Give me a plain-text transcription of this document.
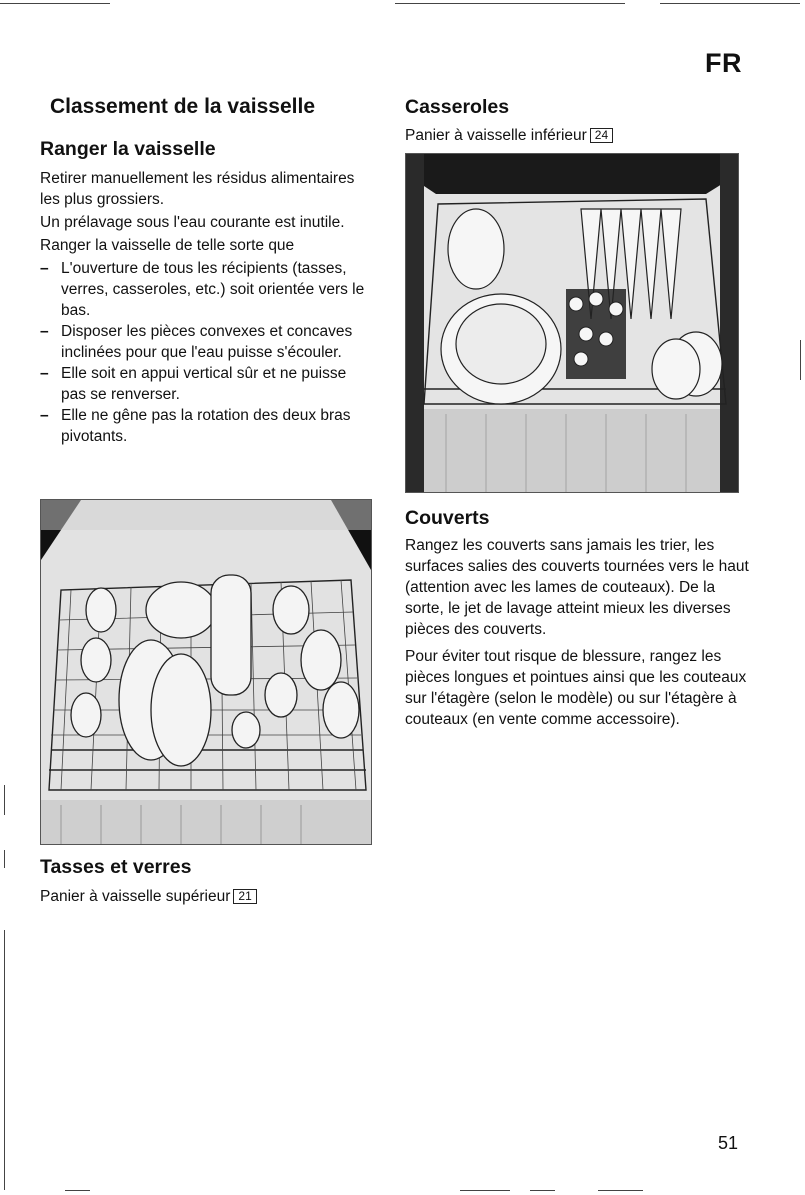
FR
Classement de la vaisselle
Ranger la vaisselle

Retirer manuellement les résidus alimentaires les plus grossiers.

Un prélavage sous l'eau courante est inutile.

Ranger la vaisselle de telle sorte que

– L'ouverture de tous les récipients (tasses, verres, casseroles, etc.) soit orientée vers le bas.
– Disposer les pièces convexes et concaves inclinées pour que l'eau puisse s'écouler.
– Elle soit en appui vertical sûr et ne puisse pas se renverser.
– Elle ne gêne pas la rotation des deux bras pivotants.
Tasses et verres
Panier à vaisselle supérieur 21
Casseroles
Panier à vaisselle inférieur 24
Couverts

Rangez les couverts sans jamais les trier, les surfaces salies des couverts tournées vers le haut (attention avec les lames de couteaux). De la sorte, le jet de lavage atteint mieux les diverses pièces des couverts.

Pour éviter tout risque de blessure, rangez les pièces longues et pointues ainsi que les couteaux sur l'étagère (selon le modèle) ou sur l'étagère à couteaux (en vente comme accessoire).

51
